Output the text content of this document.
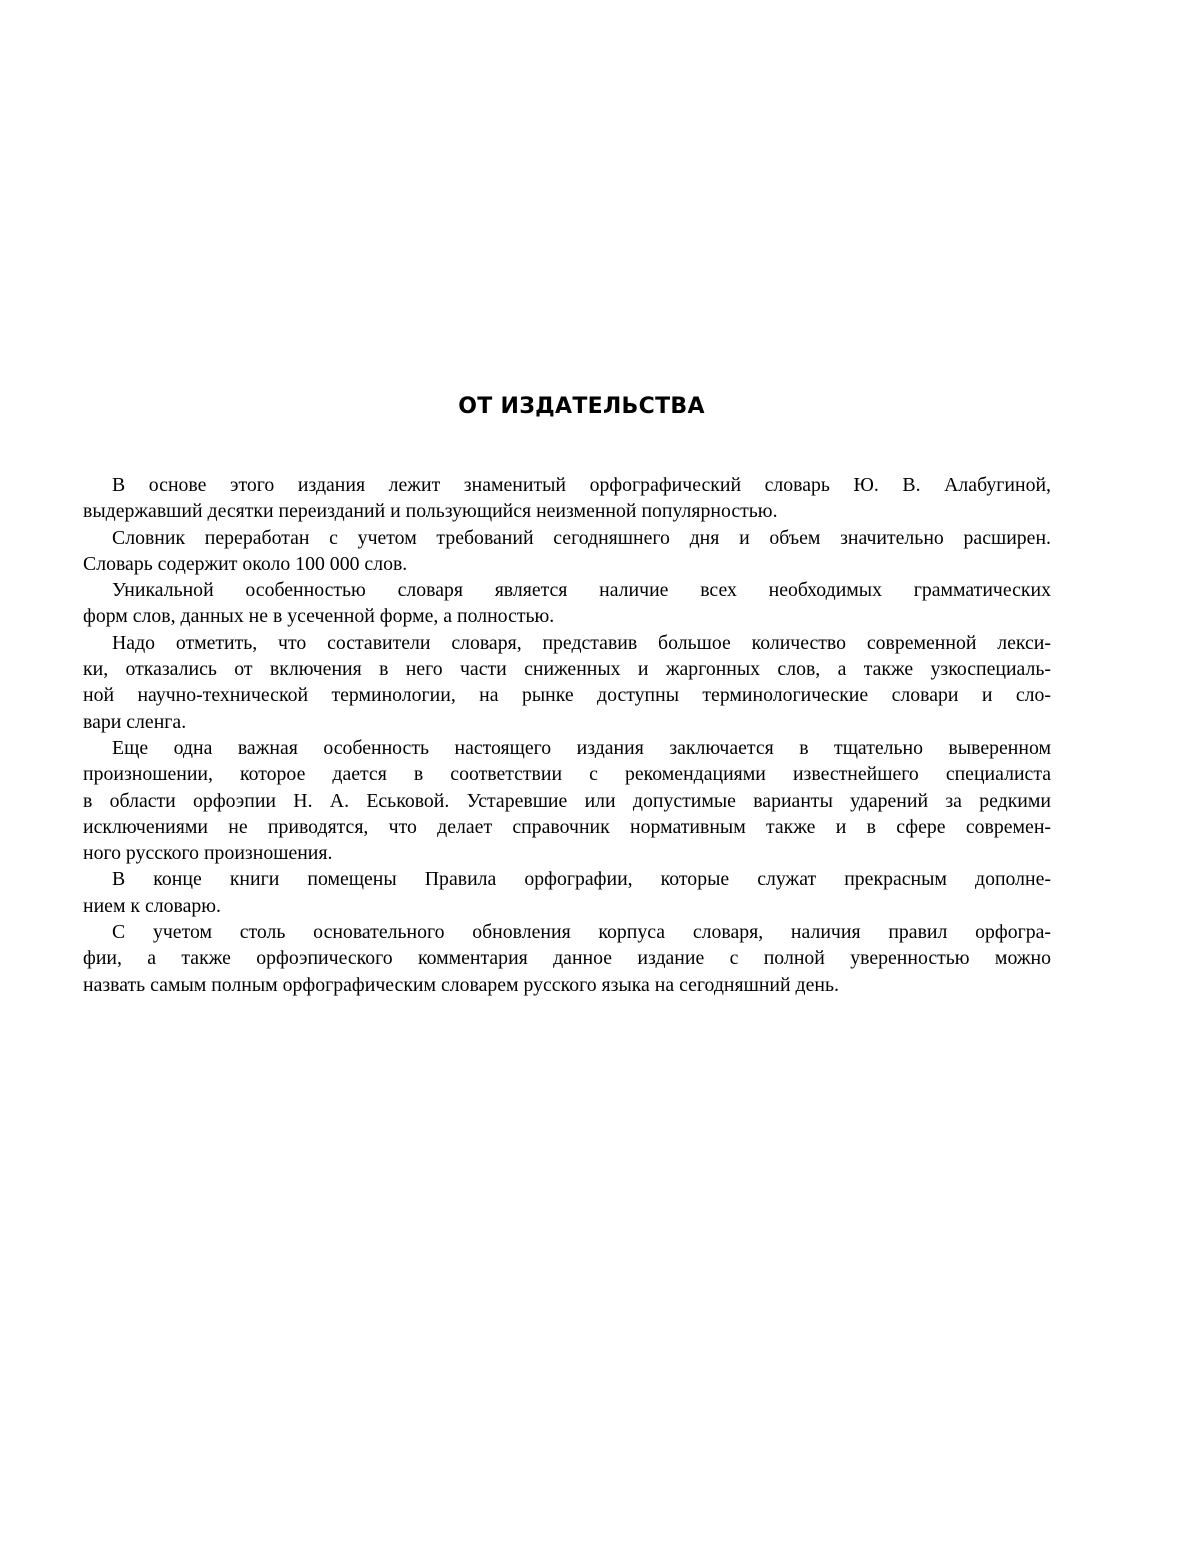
ОТ ИЗДАТЕЛЬСТВА

В основе этого издания лежит знаменитый орфографический словарь Ю. В. Алабугиной,
выдержавший десятки переизданий и пользующийся неизменной популярностью.

Словник переработан с учетом требований сегодняшнего дня и объем значительно расширен.
Словарь содержит около 100 000 слов.

Уникальной особенностью словаря является наличие всех необходимых грамматических
форм слов, данных не в усеченной форме, а полностью.

Надо отметить, что составители словаря, представив большое количество современной лекси-
ки, отказались от включения в него части сниженных и жаргонных слов, а также узкоспециаль-
ной научно-технической терминологии, на рынке доступны терминологические словари и сло-
вари сленга.

Еще одна важная особенность настоящего издания заключается в тщательно выверенном
произношении, которое дается в соответствии с рекомендациями известнейшего специалиста
в области орфоэпии Н. А. Еськовой. Устаревшие или допустимые варианты ударений за редкими
исключениями не приводятся, что делает справочник нормативным также и в сфере современ-
ного русского произношения.

В конце книги помещены Правила орфографии, которые служат прекрасным дополне-
нием к словарю.

С учетом столь основательного обновления корпуса словаря, наличия правил орфогра-
фии, а также орфоэпического комментария данное издание с полной уверенностью можно
назвать самым полным орфографическим словарем русского языка на сегодняшний день.
